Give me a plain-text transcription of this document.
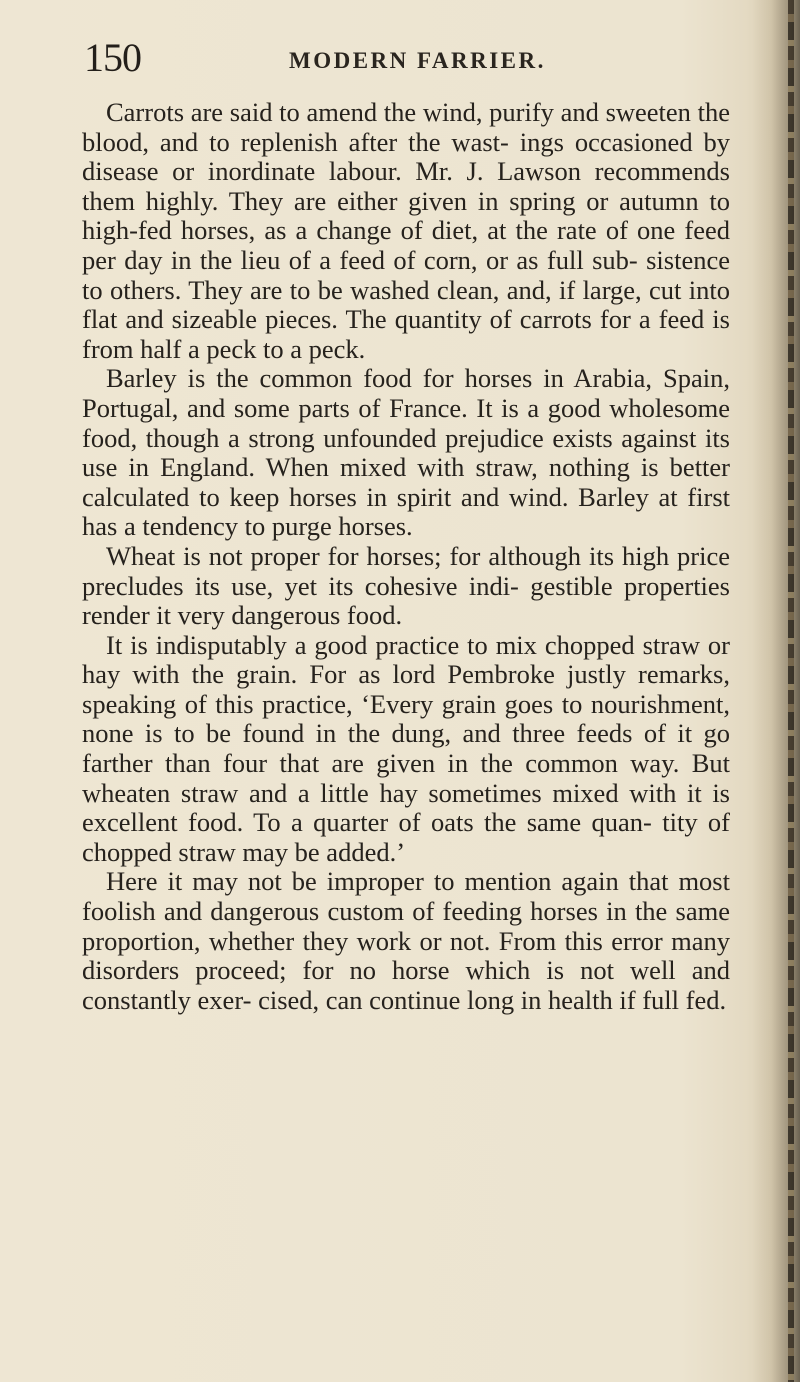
150	MODERN FARRIER.

Carrots are said to amend the wind, purify and sweeten the blood, and to replenish after the wast- ings occasioned by disease or inordinate labour. Mr. J. Lawson recommends them highly. They are either given in spring or autumn to high-fed horses, as a change of diet, at the rate of one feed per day in the lieu of a feed of corn, or as full sub- sistence to others. They are to be washed clean, and, if large, cut into flat and sizeable pieces. The quantity of carrots for a feed is from half a peck to a peck.

Barley is the common food for horses in Arabia, Spain, Portugal, and some parts of France. It is a good wholesome food, though a strong unfounded prejudice exists against its use in England. When mixed with straw, nothing is better calculated to keep horses in spirit and wind. Barley at first has a tendency to purge horses.

Wheat is not proper for horses; for although its high price precludes its use, yet its cohesive indi- gestible properties render it very dangerous food.

It is indisputably a good practice to mix chopped straw or hay with the grain. For as lord Pembroke justly remarks, speaking of this practice, ‘Every grain goes to nourishment, none is to be found in the dung, and three feeds of it go farther than four that are given in the common way. But wheaten straw and a little hay sometimes mixed with it is excellent food. To a quarter of oats the same quan- tity of chopped straw may be added.’

Here it may not be improper to mention again that most foolish and dangerous custom of feeding horses in the same proportion, whether they work or not. From this error many disorders proceed; for no horse which is not well and constantly exer- cised, can continue long in health if full fed.
